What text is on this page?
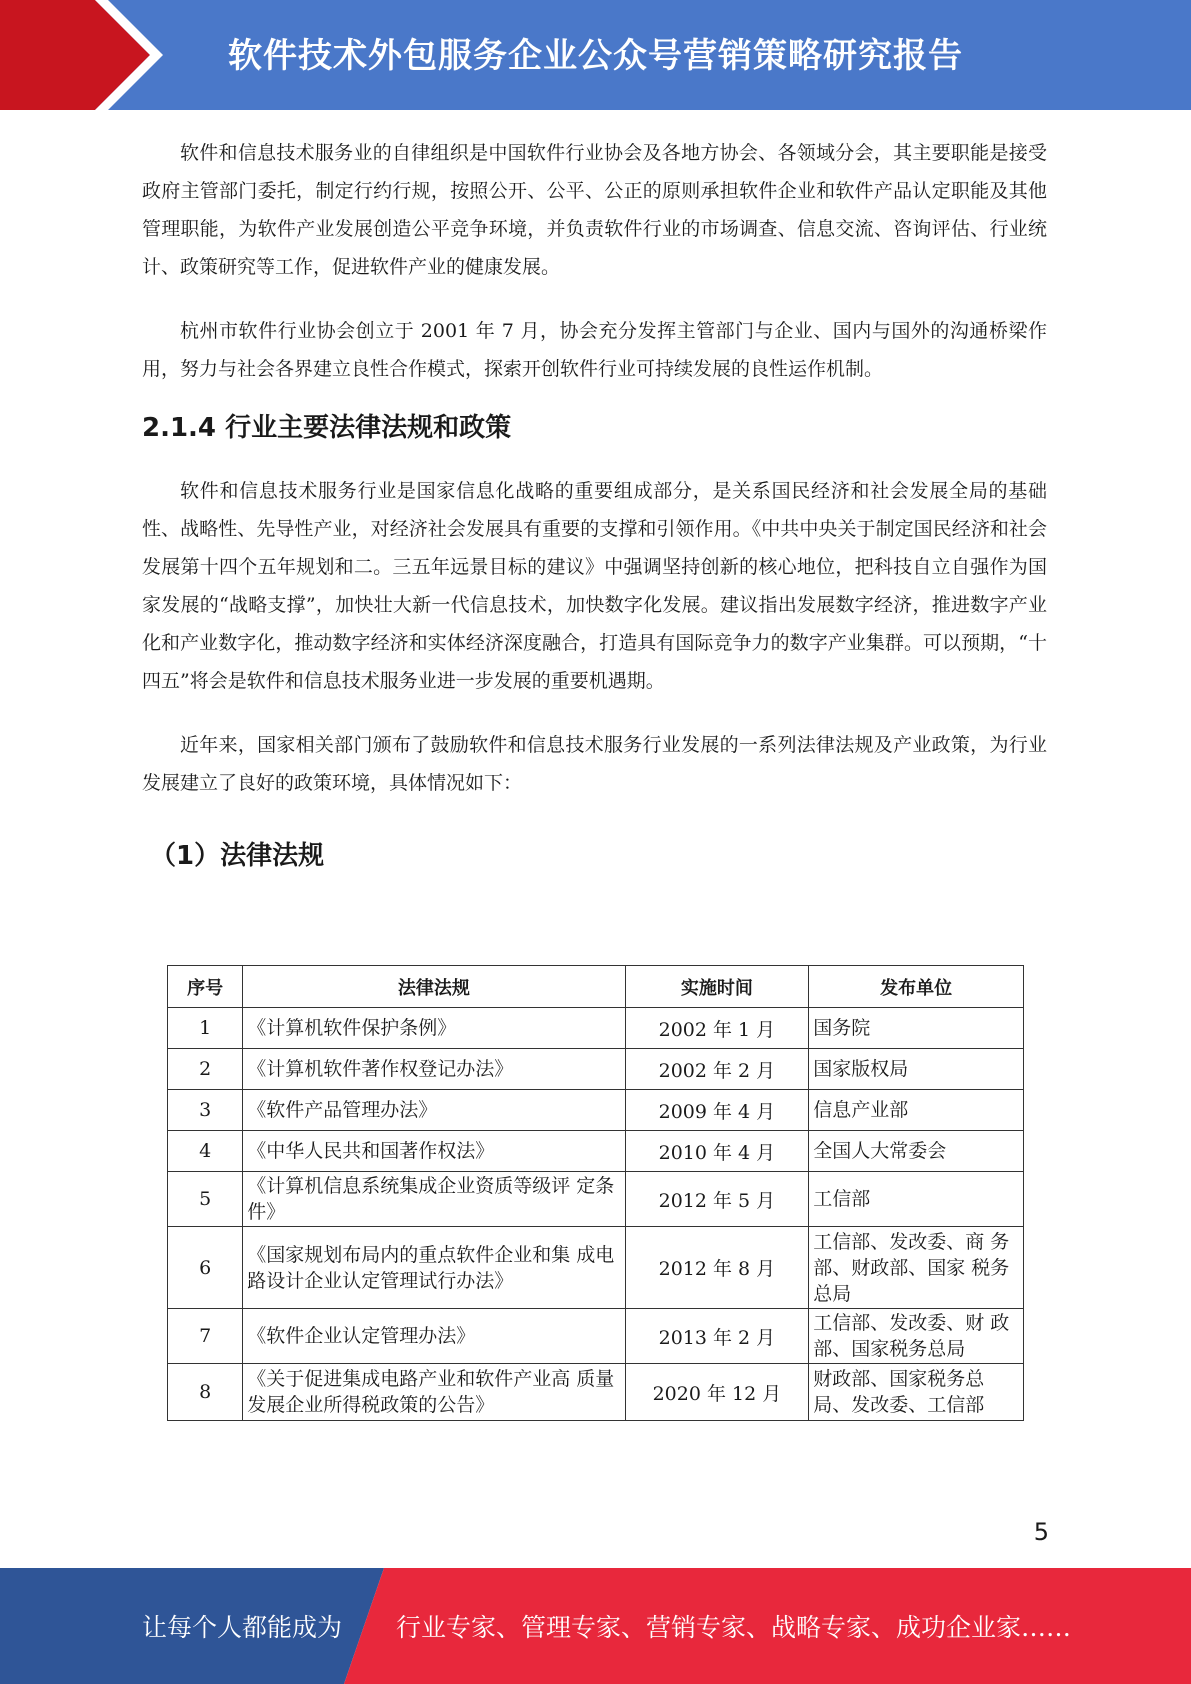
软件技术外包服务企业公众号营销策略研究报告

软件和信息技术服务业的自律组织是中国软件行业协会及各地方协会、各领域分会，其主要职能是接受政府主管部门委托，制定行约行规，按照公开、公平、公正的原则承担软件企业和软件产品认定职能及其他管理职能，为软件产业发展创造公平竞争环境，并负责软件行业的市场调查、信息交流、咨询评估、行业统计、政策研究等工作，促进软件产业的健康发展。

杭州市软件行业协会创立于 2001 年 7 月，协会充分发挥主管部门与企业、国内与国外的沟通桥梁作用，努力与社会各界建立良性合作模式，探索开创软件行业可持续发展的良性运作机制。

2.1.4 行业主要法律法规和政策

软件和信息技术服务行业是国家信息化战略的重要组成部分，是关系国民经济和社会发展全局的基础性、战略性、先导性产业，对经济社会发展具有重要的支撑和引领作用。《中共中央关于制定国民经济和社会发展第十四个五年规划和二。三五年远景目标的建议》中强调坚持创新的核心地位，把科技自立自强作为国家发展的“战略支撑”，加快壮大新一代信息技术，加快数字化发展。建议指出发展数字经济，推进数字产业化和产业数字化，推动数字经济和实体经济深度融合，打造具有国际竞争力的数字产业集群。可以预期，“十四五”将会是软件和信息技术服务业进一步发展的重要机遇期。

近年来，国家相关部门颁布了鼓励软件和信息技术服务行业发展的一系列法律法规及产业政策，为行业发展建立了良好的政策环境，具体情况如下：

（1）法律法规
序号	法律法规	实施时间	发布单位
1	《计算机软件保护条例》	2002 年 1 月	国务院
2	《计算机软件著作权登记办法》	2002 年 2 月	国家版权局
3	《软件产品管理办法》	2009 年 4 月	信息产业部
4	《中华人民共和国著作权法》	2010 年 4 月	全国人大常委会
5	《计算机信息系统集成企业资质等级评 定条件》	2012 年 5 月	工信部
6	《国家规划布局内的重点软件企业和集 成电路设计企业认定管理试行办法》	2012 年 8 月	工信部、发改委、商 务部、财政部、国家 税务总局
7	《软件企业认定管理办法》	2013 年 2 月	工信部、发改委、财 政部、国家税务总局
8	《关于促进集成电路产业和软件产业高 质量发展企业所得税政策的公告》	2020 年 12 月	财政部、国家税务总局、发改委、工信部
5
让每个人都能成为 行业专家、管理专家、营销专家、战略专家、成功企业家……
